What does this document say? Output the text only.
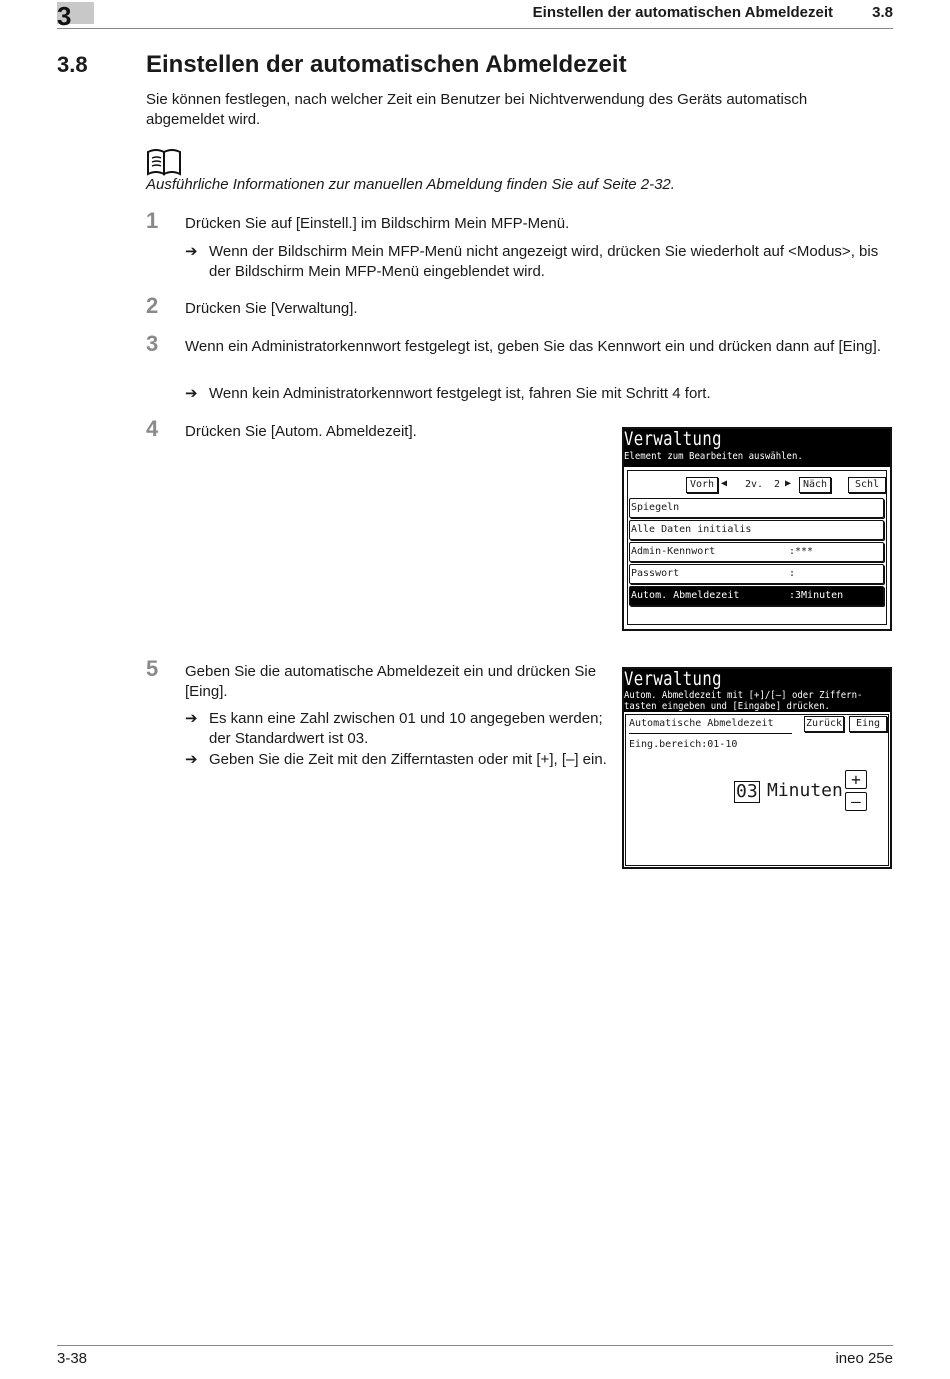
3	Einstellen der automatischen Abmeldezeit	3.8
3.8 Einstellen der automatischen Abmeldezeit
Sie können festlegen, nach welcher Zeit ein Benutzer bei Nichtverwendung des Geräts automatisch abgemeldet wird.
Ausführliche Informationen zur manuellen Abmeldung finden Sie auf Seite 2-32.
1 Drücken Sie auf [Einstell.] im Bildschirm Mein MFP-Menü.
➔ Wenn der Bildschirm Mein MFP-Menü nicht angezeigt wird, drücken Sie wiederholt auf <Modus>, bis der Bildschirm Mein MFP-Menü eingeblendet wird.
2 Drücken Sie [Verwaltung].
3 Wenn ein Administratorkennwort festgelegt ist, geben Sie das Kennwort ein und drücken dann auf [Eing].
➔ Wenn kein Administratorkennwort festgelegt ist, fahren Sie mit Schritt 4 fort.
4 Drücken Sie [Autom. Abmeldezeit].	Verwaltung
Element zum Bearbeiten auswählen.
Vorh ◀ 2v. 2 ▶	Näch	Schl
Spiegeln
Alle Daten initialis
Admin-Kennwort	:***
Passwort	:
Autom. Abmeldezeit	:3Minuten
5 Geben Sie die automatische Abmeldezeit ein und drücken Sie [Eing].
➔ Es kann eine Zahl zwischen 01 und 10 angegeben werden; der Standardwert ist 03.
➔ Geben Sie die Zeit mit den Zifferntasten oder mit [+], [–] ein.
Verwaltung
Autom. Abmeldezeit mit [+]/[–] oder Ziffern-
tasten eingeben und [Eingabe] drücken.
Automatische Abmeldezeit	Zurück	Eing
Eing.bereich:01-10
03 Minuten
+
–
3-38	ineo 25e
